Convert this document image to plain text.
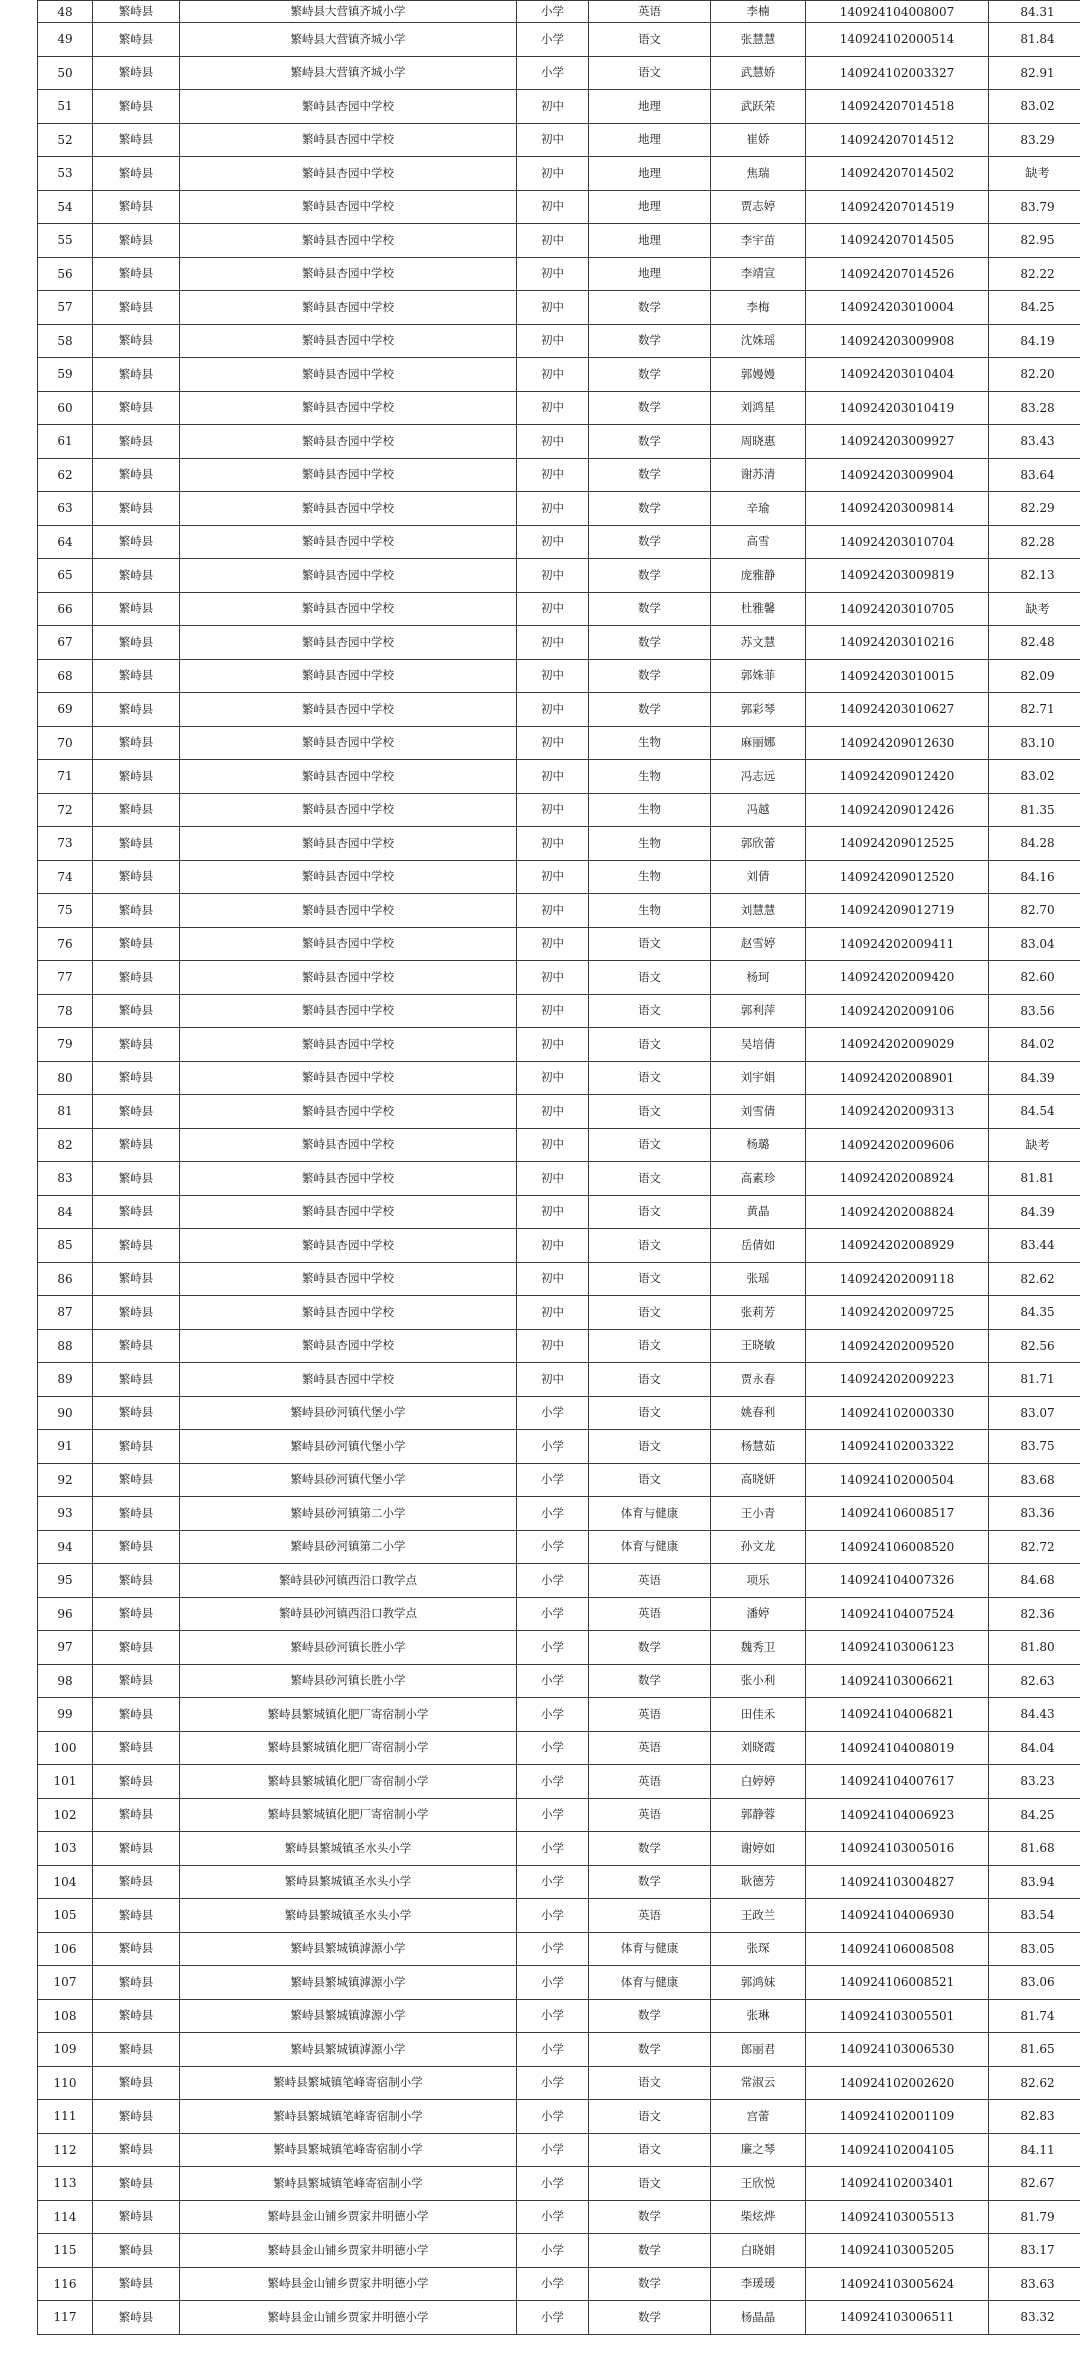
48	繁峙县	繁峙县大营镇齐城小学	小学	英语	李楠	140924104008007	84.31
49	繁峙县	繁峙县大营镇齐城小学	小学	语文	张慧慧	140924102000514	81.84
50	繁峙县	繁峙县大营镇齐城小学	小学	语文	武慧娇	140924102003327	82.91
51	繁峙县	繁峙县杏园中学校	初中	地理	武跃荣	140924207014518	83.02
52	繁峙县	繁峙县杏园中学校	初中	地理	崔娇	140924207014512	83.29
53	繁峙县	繁峙县杏园中学校	初中	地理	焦瑞	140924207014502	缺考
54	繁峙县	繁峙县杏园中学校	初中	地理	贾志婷	140924207014519	83.79
55	繁峙县	繁峙县杏园中学校	初中	地理	李宇苗	140924207014505	82.95
56	繁峙县	繁峙县杏园中学校	初中	地理	李靖宣	140924207014526	82.22
57	繁峙县	繁峙县杏园中学校	初中	数学	李梅	140924203010004	84.25
58	繁峙县	繁峙县杏园中学校	初中	数学	沈姝瑶	140924203009908	84.19
59	繁峙县	繁峙县杏园中学校	初中	数学	郭嫚嫚	140924203010404	82.20
60	繁峙县	繁峙县杏园中学校	初中	数学	刘鸿星	140924203010419	83.28
61	繁峙县	繁峙县杏园中学校	初中	数学	周晓惠	140924203009927	83.43
62	繁峙县	繁峙县杏园中学校	初中	数学	谢苏清	140924203009904	83.64
63	繁峙县	繁峙县杏园中学校	初中	数学	辛瑜	140924203009814	82.29
64	繁峙县	繁峙县杏园中学校	初中	数学	高雪	140924203010704	82.28
65	繁峙县	繁峙县杏园中学校	初中	数学	庞雅静	140924203009819	82.13
66	繁峙县	繁峙县杏园中学校	初中	数学	杜雅馨	140924203010705	缺考
67	繁峙县	繁峙县杏园中学校	初中	数学	苏文慧	140924203010216	82.48
68	繁峙县	繁峙县杏园中学校	初中	数学	郭姝菲	140924203010015	82.09
69	繁峙县	繁峙县杏园中学校	初中	数学	郭彩琴	140924203010627	82.71
70	繁峙县	繁峙县杏园中学校	初中	生物	麻丽娜	140924209012630	83.10
71	繁峙县	繁峙县杏园中学校	初中	生物	冯志远	140924209012420	83.02
72	繁峙县	繁峙县杏园中学校	初中	生物	冯越	140924209012426	81.35
73	繁峙县	繁峙县杏园中学校	初中	生物	郭欣蕾	140924209012525	84.28
74	繁峙县	繁峙县杏园中学校	初中	生物	刘倩	140924209012520	84.16
75	繁峙县	繁峙县杏园中学校	初中	生物	刘慧慧	140924209012719	82.70
76	繁峙县	繁峙县杏园中学校	初中	语文	赵雪婷	140924202009411	83.04
77	繁峙县	繁峙县杏园中学校	初中	语文	杨珂	140924202009420	82.60
78	繁峙县	繁峙县杏园中学校	初中	语文	郭利萍	140924202009106	83.56
79	繁峙县	繁峙县杏园中学校	初中	语文	吴培倩	140924202009029	84.02
80	繁峙县	繁峙县杏园中学校	初中	语文	刘宇娟	140924202008901	84.39
81	繁峙县	繁峙县杏园中学校	初中	语文	刘雪倩	140924202009313	84.54
82	繁峙县	繁峙县杏园中学校	初中	语文	杨璐	140924202009606	缺考
83	繁峙县	繁峙县杏园中学校	初中	语文	高素珍	140924202008924	81.81
84	繁峙县	繁峙县杏园中学校	初中	语文	黄晶	140924202008824	84.39
85	繁峙县	繁峙县杏园中学校	初中	语文	岳倩如	140924202008929	83.44
86	繁峙县	繁峙县杏园中学校	初中	语文	张瑶	140924202009118	82.62
87	繁峙县	繁峙县杏园中学校	初中	语文	张莉芳	140924202009725	84.35
88	繁峙县	繁峙县杏园中学校	初中	语文	王晓敏	140924202009520	82.56
89	繁峙县	繁峙县杏园中学校	初中	语文	贾永春	140924202009223	81.71
90	繁峙县	繁峙县砂河镇代堡小学	小学	语文	姚春利	140924102000330	83.07
91	繁峙县	繁峙县砂河镇代堡小学	小学	语文	杨慧茹	140924102003322	83.75
92	繁峙县	繁峙县砂河镇代堡小学	小学	语文	高晓妍	140924102000504	83.68
93	繁峙县	繁峙县砂河镇第二小学	小学	体育与健康	王小青	140924106008517	83.36
94	繁峙县	繁峙县砂河镇第二小学	小学	体育与健康	孙文龙	140924106008520	82.72
95	繁峙县	繁峙县砂河镇西沿口教学点	小学	英语	项乐	140924104007326	84.68
96	繁峙县	繁峙县砂河镇西沿口教学点	小学	英语	潘婷	140924104007524	82.36
97	繁峙县	繁峙县砂河镇长胜小学	小学	数学	魏秀卫	140924103006123	81.80
98	繁峙县	繁峙县砂河镇长胜小学	小学	数学	张小利	140924103006621	82.63
99	繁峙县	繁峙县繁城镇化肥厂寄宿制小学	小学	英语	田佳禾	140924104006821	84.43
100	繁峙县	繁峙县繁城镇化肥厂寄宿制小学	小学	英语	刘晓霞	140924104008019	84.04
101	繁峙县	繁峙县繁城镇化肥厂寄宿制小学	小学	英语	白婷婷	140924104007617	83.23
102	繁峙县	繁峙县繁城镇化肥厂寄宿制小学	小学	英语	郭静蓉	140924104006923	84.25
103	繁峙县	繁峙县繁城镇圣水头小学	小学	数学	谢婷如	140924103005016	81.68
104	繁峙县	繁峙县繁城镇圣水头小学	小学	数学	耿德芳	140924103004827	83.94
105	繁峙县	繁峙县繁城镇圣水头小学	小学	英语	王政兰	140924104006930	83.54
106	繁峙县	繁峙县繁城镇滹源小学	小学	体育与健康	张琛	140924106008508	83.05
107	繁峙县	繁峙县繁城镇滹源小学	小学	体育与健康	郭鸿妹	140924106008521	83.06
108	繁峙县	繁峙县繁城镇滹源小学	小学	数学	张琳	140924103005501	81.74
109	繁峙县	繁峙县繁城镇滹源小学	小学	数学	郎丽君	140924103006530	81.65
110	繁峙县	繁峙县繁城镇笔峰寄宿制小学	小学	语文	常淑云	140924102002620	82.62
111	繁峙县	繁峙县繁城镇笔峰寄宿制小学	小学	语文	宫蕾	140924102001109	82.83
112	繁峙县	繁峙县繁城镇笔峰寄宿制小学	小学	语文	廉之琴	140924102004105	84.11
113	繁峙县	繁峙县繁城镇笔峰寄宿制小学	小学	语文	王欣悦	140924102003401	82.67
114	繁峙县	繁峙县金山铺乡贾家井明德小学	小学	数学	柴炫烨	140924103005513	81.79
115	繁峙县	繁峙县金山铺乡贾家井明德小学	小学	数学	白晓娟	140924103005205	83.17
116	繁峙县	繁峙县金山铺乡贾家井明德小学	小学	数学	李瑗瑗	140924103005624	83.63
117	繁峙县	繁峙县金山铺乡贾家井明德小学	小学	数学	杨晶晶	140924103006511	83.32
